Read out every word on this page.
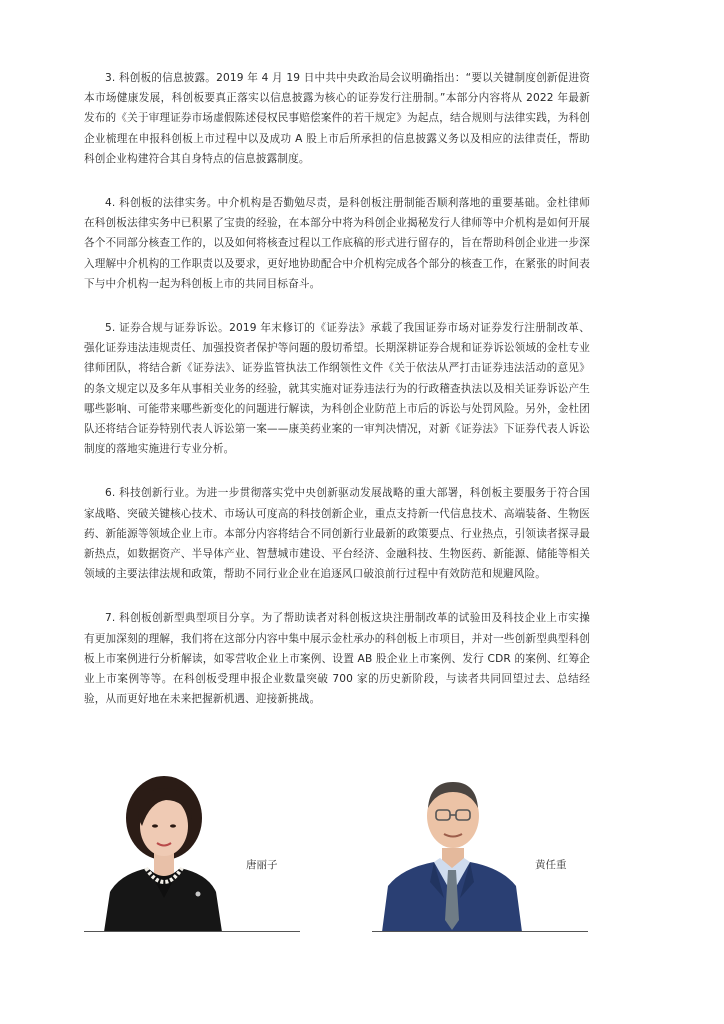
3. 科创板的信息披露。2019 年 4 月 19 日中共中央政治局会议明确指出：“要以关键制度创新促进资本市场健康发展，科创板要真正落实以信息披露为核心的证券发行注册制。”本部分内容将从 2022 年最新发布的《关于审理证券市场虚假陈述侵权民事赔偿案件的若干规定》为起点，结合规则与法律实践，为科创企业梳理在申报科创板上市过程中以及成功 A 股上市后所承担的信息披露义务以及相应的法律责任，帮助科创企业构建符合其自身特点的信息披露制度。

4. 科创板的法律实务。中介机构是否勤勉尽责，是科创板注册制能否顺利落地的重要基础。金杜律师在科创板法律实务中已积累了宝贵的经验，在本部分中将为科创企业揭秘发行人律师等中介机构是如何开展各个不同部分核查工作的，以及如何将核查过程以工作底稿的形式进行留存的，旨在帮助科创企业进一步深入理解中介机构的工作职责以及要求，更好地协助配合中介机构完成各个部分的核查工作，在紧张的时间表下与中介机构一起为科创板上市的共同目标奋斗。

5. 证券合规与证券诉讼。2019 年末修订的《证券法》承载了我国证券市场对证券发行注册制改革、强化证券违法违规责任、加强投资者保护等问题的殷切希望。长期深耕证券合规和证券诉讼领域的金杜专业律师团队，将结合新《证券法》、证券监管执法工作纲领性文件《关于依法从严打击证券违法活动的意见》的条文规定以及多年从事相关业务的经验，就其实施对证券违法行为的行政稽查执法以及相关证券诉讼产生哪些影响、可能带来哪些新变化的问题进行解读，为科创企业防范上市后的诉讼与处罚风险。另外，金杜团队还将结合证券特别代表人诉讼第一案——康美药业案的一审判决情况，对新《证券法》下证券代表人诉讼制度的落地实施进行专业分析。

6. 科技创新行业。为进一步贯彻落实党中央创新驱动发展战略的重大部署，科创板主要服务于符合国家战略、突破关键核心技术、市场认可度高的科技创新企业，重点支持新一代信息技术、高端装备、生物医药、新能源等领域企业上市。本部分内容将结合不同创新行业最新的政策要点、行业热点，引领读者探寻最新热点，如数据资产、半导体产业、智慧城市建设、平台经济、金融科技、生物医药、新能源、储能等相关领域的主要法律法规和政策，帮助不同行业企业在追逐风口破浪前行过程中有效防范和规避风险。

7. 科创板创新型典型项目分享。为了帮助读者对科创板这块注册制改革的试验田及科技企业上市实操有更加深刻的理解，我们将在这部分内容中集中展示金杜承办的科创板上市项目，并对一些创新型典型科创板上市案例进行分析解读，如零营收企业上市案例、设置 AB 股企业上市案例、发行 CDR 的案例、红筹企业上市案例等等。在科创板受理申报企业数量突破 700 家的历史新阶段，与读者共同回望过去、总结经验，从而更好地在未来把握新机遇、迎接新挑战。

唐丽子	黄任重
